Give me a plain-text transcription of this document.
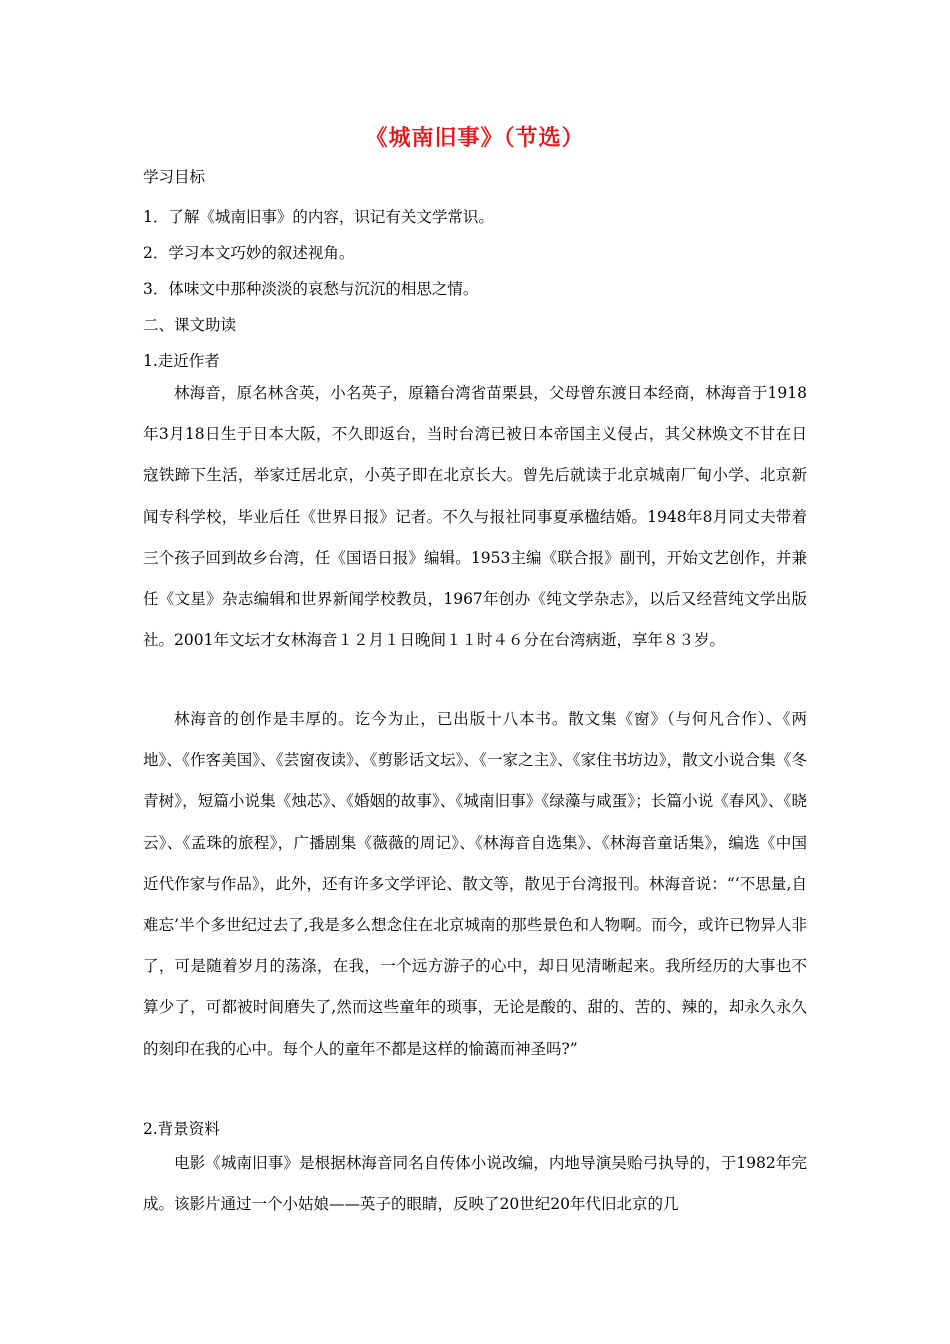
《城南旧事》（节选）
学习目标
1．了解《城南旧事》的内容，识记有关文学常识。
2．学习本文巧妙的叙述视角。
3．体味文中那种淡淡的哀愁与沉沉的相思之情。
二、课文助读
1.走近作者

林海音，原名林含英，小名英子，原籍台湾省苗栗县，父母曾东渡日本经商，林海音于1918年3月18日生于日本大阪，不久即返台，当时台湾已被日本帝国主义侵占，其父林焕文不甘在日寇铁蹄下生活，举家迁居北京，小英子即在北京长大。曾先后就读于北京城南厂甸小学、北京新闻专科学校，毕业后任《世界日报》记者。不久与报社同事夏承楹结婚。1948年8月同丈夫带着三个孩子回到故乡台湾，任《国语日报》编辑。1953主编《联合报》副刊，开始文艺创作，并兼任《文星》杂志编辑和世界新闻学校教员，1967年创办《纯文学杂志》，以后又经营纯文学出版社。2001年文坛才女林海音１２月１日晚间１１时４６分在台湾病逝，享年８３岁。

林海音的创作是丰厚的。讫今为止，已出版十八本书。散文集《窗》（与何凡合作）、《两地》、《作客美国》、《芸窗夜读》、《剪影话文坛》、《一家之主》、《家住书坊边》，散文小说合集《冬青树》，短篇小说集《烛芯》、《婚姻的故事》、《城南旧事》《绿藻与咸蛋》；长篇小说《春风》、《晓云》、《孟珠的旅程》，广播剧集《薇薇的周记》、《林海音自选集》、《林海音童话集》，编选《中国近代作家与作品》，此外，还有许多文学评论、散文等，散见于台湾报刊。林海音说：“‘不思量,自难忘’半个多世纪过去了,我是多么想念住在北京城南的那些景色和人物啊。而今，或许已物异人非了，可是随着岁月的荡涤，在我，一个远方游子的心中，却日见清晰起来。我所经历的大事也不算少了，可都被时间磨失了,然而这些童年的琐事，无论是酸的、甜的、苦的、辣的，却永久永久的刻印在我的心中。每个人的童年不都是这样的愉蔼而神圣吗?”

2.背景资料

电影《城南旧事》是根据林海音同名自传体小说改编，内地导演吴贻弓执导的，于1982年完成。该影片通过一个小姑娘——英子的眼睛，反映了20世纪20年代旧北京的几
